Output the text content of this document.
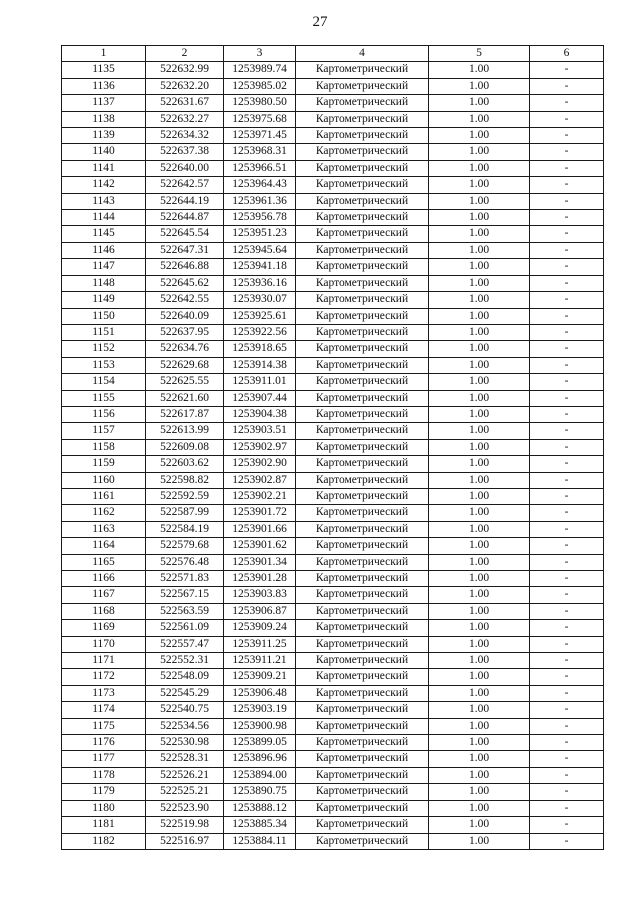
27
1	2	3	4	5	6
1135	522632.99	1253989.74	Картометрический	1.00	-
1136	522632.20	1253985.02	Картометрический	1.00	-
1137	522631.67	1253980.50	Картометрический	1.00	-
1138	522632.27	1253975.68	Картометрический	1.00	-
1139	522634.32	1253971.45	Картометрический	1.00	-
1140	522637.38	1253968.31	Картометрический	1.00	-
1141	522640.00	1253966.51	Картометрический	1.00	-
1142	522642.57	1253964.43	Картометрический	1.00	-
1143	522644.19	1253961.36	Картометрический	1.00	-
1144	522644.87	1253956.78	Картометрический	1.00	-
1145	522645.54	1253951.23	Картометрический	1.00	-
1146	522647.31	1253945.64	Картометрический	1.00	-
1147	522646.88	1253941.18	Картометрический	1.00	-
1148	522645.62	1253936.16	Картометрический	1.00	-
1149	522642.55	1253930.07	Картометрический	1.00	-
1150	522640.09	1253925.61	Картометрический	1.00	-
1151	522637.95	1253922.56	Картометрический	1.00	-
1152	522634.76	1253918.65	Картометрический	1.00	-
1153	522629.68	1253914.38	Картометрический	1.00	-
1154	522625.55	1253911.01	Картометрический	1.00	-
1155	522621.60	1253907.44	Картометрический	1.00	-
1156	522617.87	1253904.38	Картометрический	1.00	-
1157	522613.99	1253903.51	Картометрический	1.00	-
1158	522609.08	1253902.97	Картометрический	1.00	-
1159	522603.62	1253902.90	Картометрический	1.00	-
1160	522598.82	1253902.87	Картометрический	1.00	-
1161	522592.59	1253902.21	Картометрический	1.00	-
1162	522587.99	1253901.72	Картометрический	1.00	-
1163	522584.19	1253901.66	Картометрический	1.00	-
1164	522579.68	1253901.62	Картометрический	1.00	-
1165	522576.48	1253901.34	Картометрический	1.00	-
1166	522571.83	1253901.28	Картометрический	1.00	-
1167	522567.15	1253903.83	Картометрический	1.00	-
1168	522563.59	1253906.87	Картометрический	1.00	-
1169	522561.09	1253909.24	Картометрический	1.00	-
1170	522557.47	1253911.25	Картометрический	1.00	-
1171	522552.31	1253911.21	Картометрический	1.00	-
1172	522548.09	1253909.21	Картометрический	1.00	-
1173	522545.29	1253906.48	Картометрический	1.00	-
1174	522540.75	1253903.19	Картометрический	1.00	-
1175	522534.56	1253900.98	Картометрический	1.00	-
1176	522530.98	1253899.05	Картометрический	1.00	-
1177	522528.31	1253896.96	Картометрический	1.00	-
1178	522526.21	1253894.00	Картометрический	1.00	-
1179	522525.21	1253890.75	Картометрический	1.00	-
1180	522523.90	1253888.12	Картометрический	1.00	-
1181	522519.98	1253885.34	Картометрический	1.00	-
1182	522516.97	1253884.11	Картометрический	1.00	-
